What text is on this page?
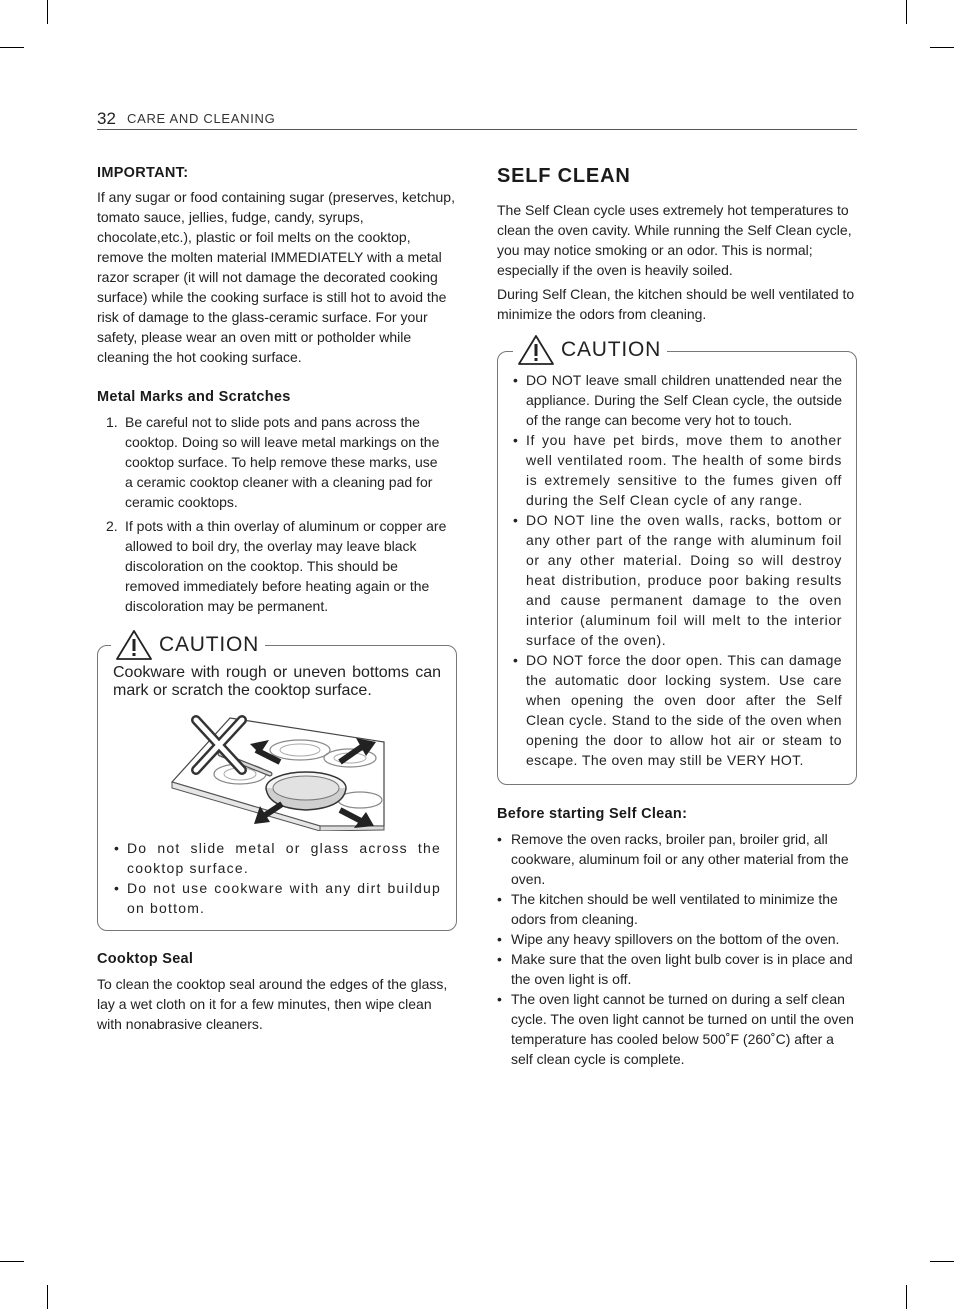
32 CARE AND CLEANING
IMPORTANT:

If any sugar or food containing sugar (preserves, ketchup, tomato sauce, jellies, fudge, candy, syrups, chocolate,etc.), plastic or foil melts on the cooktop, remove the molten material IMMEDIATELY with a metal razor scraper (it will not damage the decorated cooking surface) while the cooking surface is still hot to avoid the risk of damage to the glass-ceramic surface. For your safety, please wear an oven mitt or potholder while cleaning the hot cooking surface.

Metal Marks and Scratches
1. Be careful not to slide pots and pans across the cooktop. Doing so will leave metal markings on the cooktop surface. To help remove these marks, use a ceramic cooktop cleaner with a cleaning pad for ceramic cooktops.
2. If pots with a thin overlay of aluminum or copper are allowed to boil dry, the overlay may leave black discoloration on the cooktop. This should be removed immediately before heating again or the discoloration may be permanent.
Cookware with rough or uneven bottoms can mark or scratch the cooktop surface.
• Do not slide metal or glass across the cooktop surface.
• Do not use cookware with any dirt buildup on bottom.
CAUTION
Cooktop Seal

To clean the cooktop seal around the edges of the glass, lay a wet cloth on it for a few minutes, then wipe clean with nonabrasive cleaners.

SELF CLEAN

The Self Clean cycle uses extremely hot temperatures to clean the oven cavity. While running the Self Clean cycle, you may notice smoking or an odor. This is normal; especially if the oven is heavily soiled.

During Self Clean, the kitchen should be well ventilated to minimize the odors from cleaning.

• DO NOT leave small children unattended near the appliance. During the Self Clean cycle, the outside of the range can become very hot to touch.
• If you have pet birds, move them to another well ventilated room. The health of some birds is extremely sensitive to the fumes given off during the Self Clean cycle of any range.
• DO NOT line the oven walls, racks, bottom or any other part of the range with aluminum foil or any other material. Doing so will destroy heat distribution, produce poor baking results and cause permanent damage to the oven interior (aluminum foil will melt to the interior surface of the oven).
• DO NOT force the door open. This can damage the automatic door locking system. Use care when opening the oven door after the Self Clean cycle. Stand to the side of the oven when opening the door to allow hot air or steam to escape. The oven may still be VERY HOT.
CAUTION
Before starting Self Clean:
• Remove the oven racks, broiler pan, broiler grid, all cookware, aluminum foil or any other material from the oven.
• The kitchen should be well ventilated to minimize the odors from cleaning.
• Wipe any heavy spillovers on the bottom of the oven.
• Make sure that the oven light bulb cover is in place and the oven light is off.
• The oven light cannot be turned on during a self clean cycle. The oven light cannot be turned on until the oven temperature has cooled below 500˚F (260˚C) after a self clean cycle is complete.
